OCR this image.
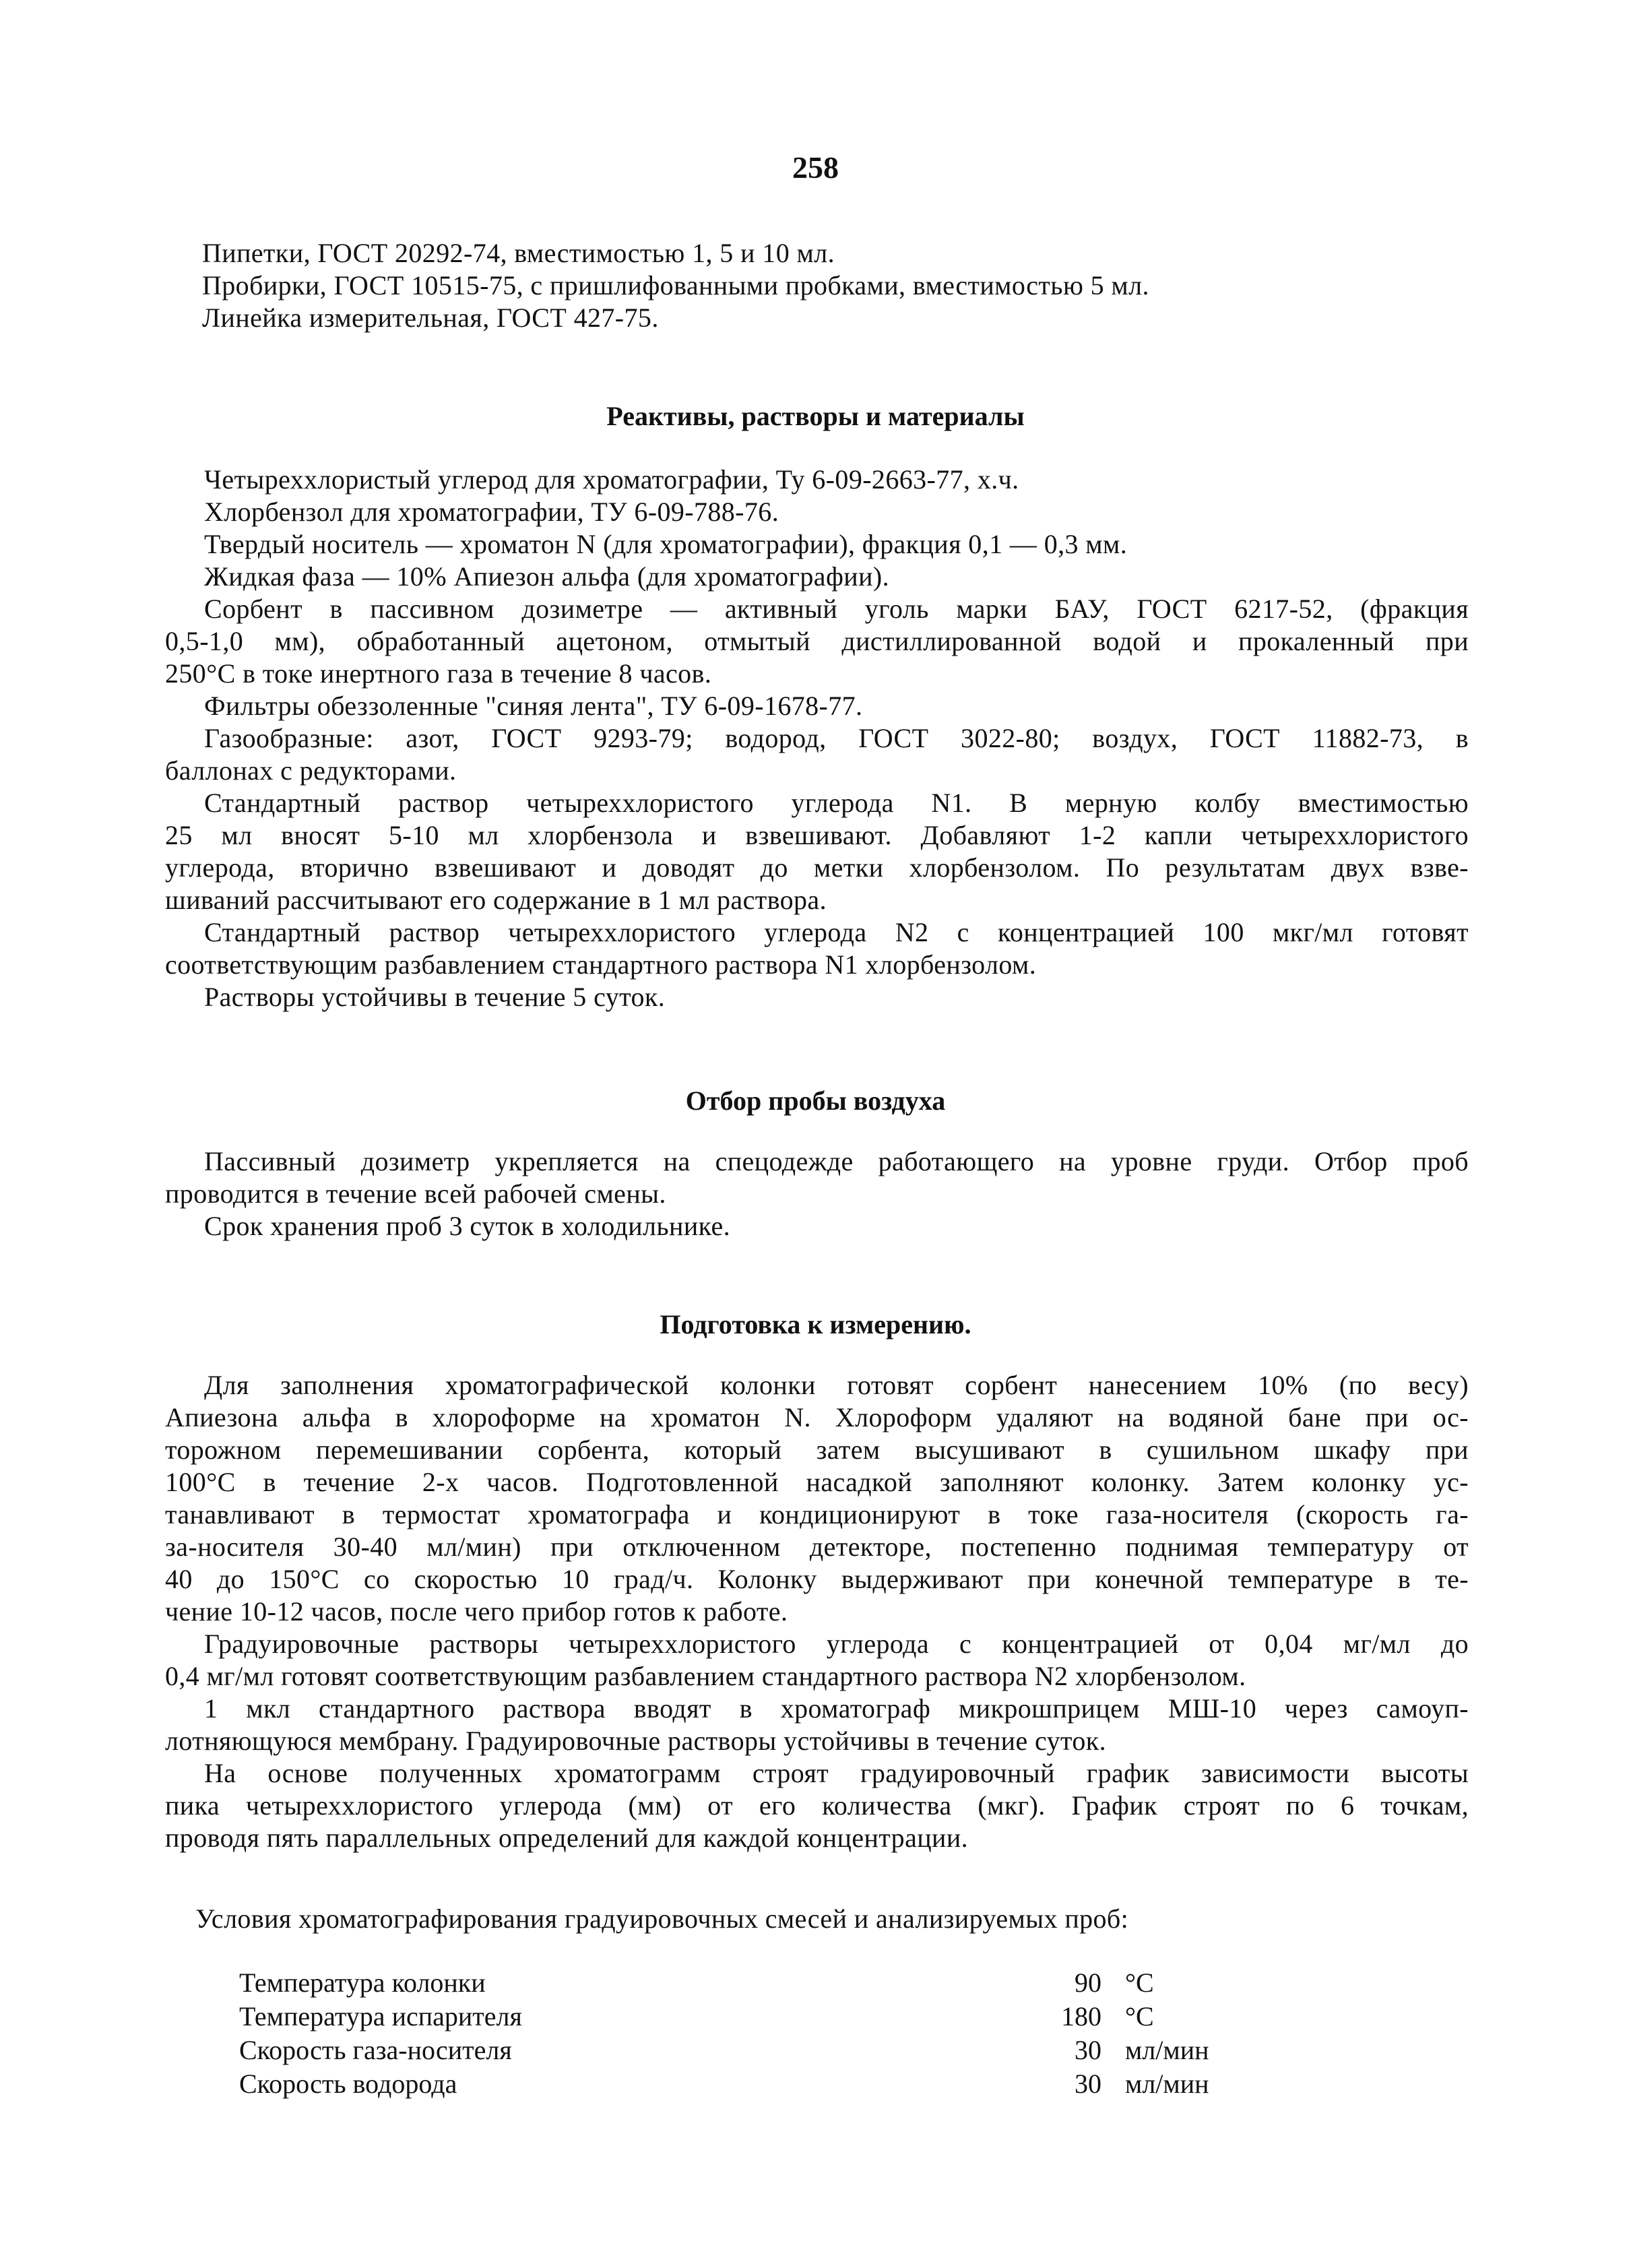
258
Пипетки, ГОСТ 20292-74, вместимостью 1, 5 и 10 мл.
Пробирки, ГОСТ 10515-75, с пришлифованными пробками, вместимостью 5 мл.
Линейка измерительная, ГОСТ 427-75.
Реактивы, растворы и материалы
Четыреххлористый углерод для хроматографии, Ту 6-09-2663-77, х.ч.
Хлорбензол для хроматографии, ТУ 6-09-788-76.
Твердый носитель — хроматон N (для хроматографии), фракция 0,1 — 0,3 мм.
Жидкая фаза — 10% Апиезон альфа (для хроматографии).
Сорбент в пассивном дозиметре — активный уголь марки БАУ, ГОСТ 6217-52, (фракция
0,5-1,0 мм), обработанный ацетоном, отмытый дистиллированной водой и прокаленный при
250°С в токе инертного газа в течение 8 часов.
Фильтры обеззоленные "синяя лента", ТУ 6-09-1678-77.
Газообразные: азот, ГОСТ 9293-79; водород, ГОСТ 3022-80; воздух, ГОСТ 11882-73, в
баллонах с редукторами.
Стандартный раствор четыреххлористого углерода N1. В мерную колбу вместимостью
25 мл вносят 5-10 мл хлорбензола и взвешивают. Добавляют 1-2 капли четыреххлористого
углерода, вторично взвешивают и доводят до метки хлорбензолом. По результатам двух взве-
шиваний рассчитывают его содержание в 1 мл раствора.
Стандартный раствор четыреххлористого углерода N2 с концентрацией 100 мкг/мл готовят
соответствующим разбавлением стандартного раствора N1 хлорбензолом.
Растворы устойчивы в течение 5 суток.
Отбор пробы воздуха
Пассивный дозиметр укрепляется на спецодежде работающего на уровне груди. Отбор проб
проводится в течение всей рабочей смены.
Срок хранения проб 3 суток в холодильнике.
Подготовка к измерению.
Для заполнения хроматографической колонки готовят сорбент нанесением 10% (по весу)
Апиезона альфа в хлороформе на хроматон N. Хлороформ удаляют на водяной бане при ос-
торожном перемешивании сорбента, который затем высушивают в сушильном шкафу при
100°С в течение 2-х часов. Подготовленной насадкой заполняют колонку. Затем колонку ус-
танавливают в термостат хроматографа и кондиционируют в токе газа-носителя (скорость га-
за-носителя 30-40 мл/мин) при отключенном детекторе, постепенно поднимая температуру от
40 до 150°С со скоростью 10 град/ч. Колонку выдерживают при конечной температуре в те-
чение 10-12 часов, после чего прибор готов к работе.
Градуировочные растворы четыреххлористого углерода с концентрацией от 0,04 мг/мл до
0,4 мг/мл готовят соответствующим разбавлением стандартного раствора N2 хлорбензолом.
1 мкл стандартного раствора вводят в хроматограф микрошприцем МШ-10 через самоуп-
лотняющуюся мембрану. Градуировочные растворы устойчивы в течение суток.
На основе полученных хроматограмм строят градуировочный график зависимости высоты
пика четыреххлористого углерода (мм) от его количества (мкг). График строят по 6 точкам,
проводя пять параллельных определений для каждой концентрации.
Условия хроматографирования градуировочных смесей и анализируемых проб:
Температура колонки	90 °С
Температура испарителя	180 °С
Скорость газа-носителя	30 мл/мин
Скорость водорода	30 мл/мин
